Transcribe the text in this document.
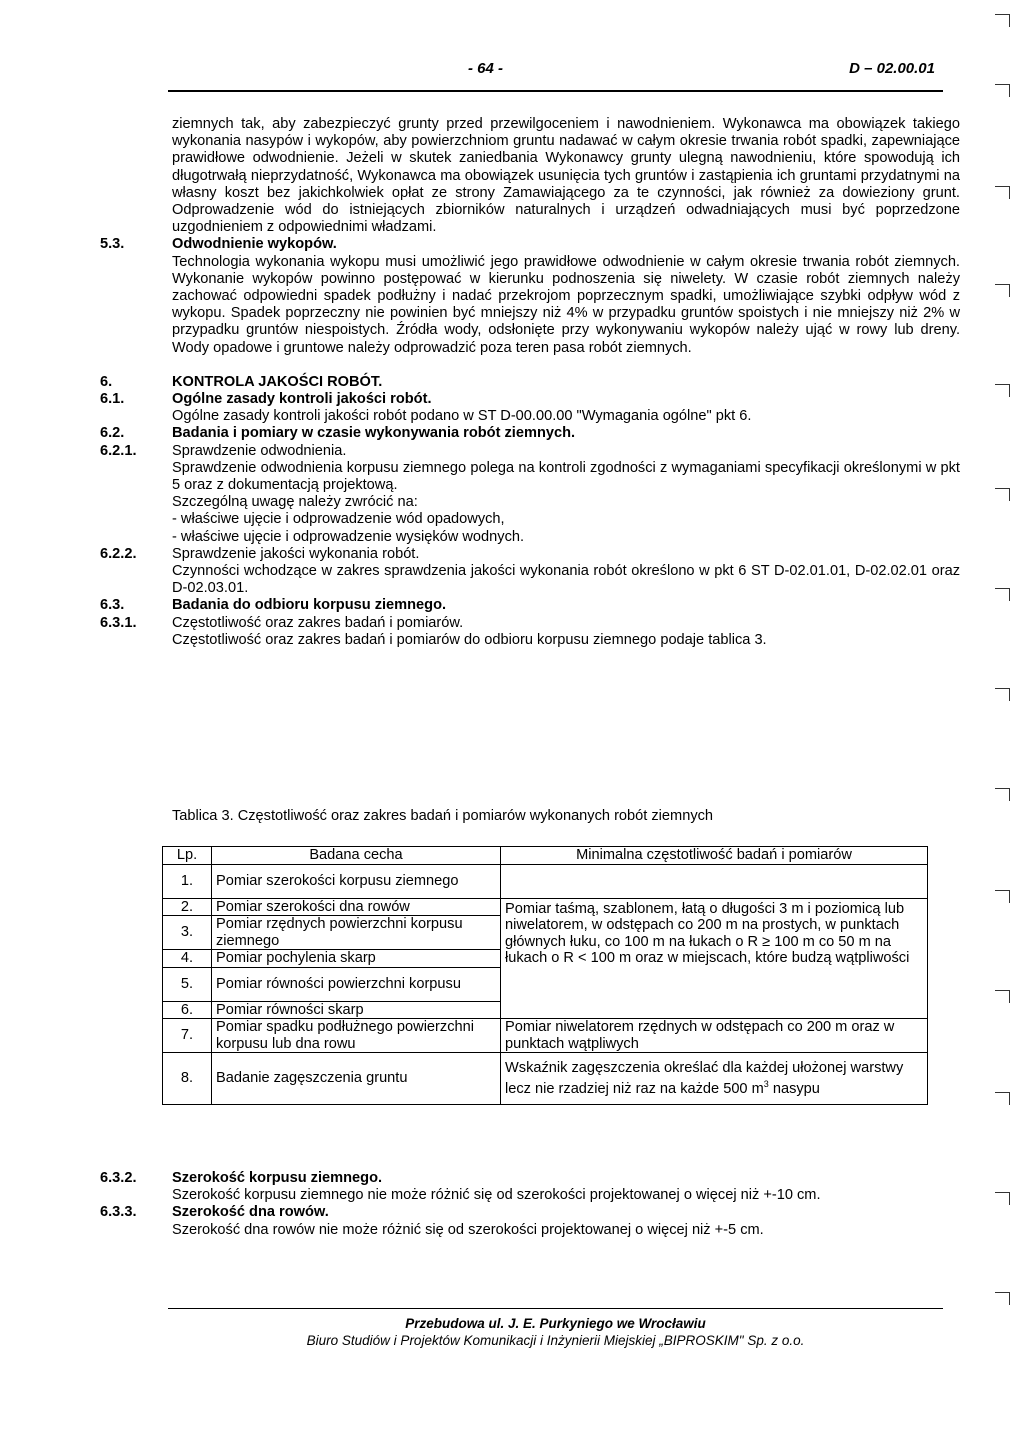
- 64 -	D – 02.00.01

ziemnych tak, aby zabezpieczyć grunty przed przewilgoceniem i nawodnieniem. Wykonawca ma obowiązek takiego wykonania nasypów i wykopów, aby powierzchniom gruntu nadawać w całym okresie trwania robót spadki, zapewniające prawidłowe odwodnienie. Jeżeli w skutek zaniedbania Wykonawcy grunty ulegną nawodnieniu, które spowodują ich długotrwałą nieprzydatność, Wykonawca ma obowiązek usunięcia tych gruntów i zastąpienia ich gruntami przydatnymi na własny koszt bez jakichkolwiek opłat ze strony Zamawiającego za te czynności, jak również za dowieziony grunt. Odprowadzenie wód do istniejących zbiorników naturalnych i urządzeń odwadniających musi być poprzedzone uzgodnieniem z odpowiednimi władzami.

5.3.	Odwodnienie wykopów.

Technologia wykonania wykopu musi umożliwić jego prawidłowe odwodnienie w całym okresie trwania robót ziemnych. Wykonanie wykopów powinno postępować w kierunku podnoszenia się niwelety. W czasie robót ziemnych należy zachować odpowiedni spadek podłużny i nadać przekrojom poprzecznym spadki, umożliwiające szybki odpływ wód z wykopu. Spadek poprzeczny nie powinien być mniejszy niż 4% w przypadku gruntów spoistych i nie mniejszy niż 2% w przypadku gruntów niespoistych. Źródła wody, odsłonięte przy wykonywaniu wykopów należy ująć w rowy lub dreny. Wody opadowe i gruntowe należy odprowadzić poza teren pasa robót ziemnych.

6.	KONTROLA JAKOŚCI ROBÓT.
6.1.	Ogólne zasady kontroli jakości robót.

Ogólne zasady kontroli jakości robót podano w ST D-00.00.00 "Wymagania ogólne" pkt 6.

6.2.	Badania i pomiary w czasie wykonywania robót ziemnych.
6.2.1.	Sprawdzenie odwodnienia.

Sprawdzenie odwodnienia korpusu ziemnego polega na kontroli zgodności z wymaganiami specyfikacji określonymi w pkt 5 oraz z dokumentacją projektową.

Szczególną uwagę należy zwrócić na:

- właściwe ujęcie i odprowadzenie wód opadowych,

- właściwe ujęcie i odprowadzenie wysięków wodnych.

6.2.2.	Sprawdzenie jakości wykonania robót.

Czynności wchodzące w zakres sprawdzenia jakości wykonania robót określono w pkt 6 ST D-02.01.01, D-02.02.01 oraz D-02.03.01.

6.3.	Badania do odbioru korpusu ziemnego.
6.3.1.	Częstotliwość oraz zakres badań i pomiarów.

Częstotliwość oraz zakres badań i pomiarów do odbioru korpusu ziemnego podaje tablica 3.

Tablica 3. Częstotliwość oraz zakres badań i pomiarów wykonanych robót ziemnych
Lp.	Badana cecha	Minimalna częstotliwość badań i pomiarów
1.	Pomiar szerokości korpusu ziemnego	
2.	Pomiar szerokości dna rowów	Pomiar taśmą, szablonem, łatą o długości 3 m i poziomicą lub niwelatorem, w odstępach co 200 m na prostych, w punktach głównych łuku, co 100 m na łukach o R ≥ 100 m co 50 m na łukach o R < 100 m oraz w miejscach, które budzą wątpliwości
3.	Pomiar rzędnych powierzchni korpusu ziemnego	
4.	Pomiar pochylenia skarp	
5.	Pomiar równości powierzchni korpusu	
6.	Pomiar równości skarp	
7.	Pomiar spadku podłużnego powierzchni korpusu lub dna rowu	Pomiar niwelatorem rzędnych w odstępach co 200 m oraz w punktach wątpliwych
8.	Badanie zagęszczenia gruntu	Wskaźnik zagęszczenia określać dla każdej ułożonej warstwy lecz nie rzadziej niż raz na każde 500 $m^3$ nasypu
6.3.2.	Szerokość korpusu ziemnego.

Szerokość korpusu ziemnego nie może różnić się od szerokości projektowanej o więcej niż +-10 cm.

6.3.3.	Szerokość dna rowów.

Szerokość dna rowów nie może różnić się od szerokości projektowanej o więcej niż +-5 cm.

Przebudowa ul. J. E. Purkyniego we Wrocławiu
Biuro Studiów i Projektów Komunikacji i Inżynierii Miejskiej „BIPROSKIM" Sp. z o.o.
